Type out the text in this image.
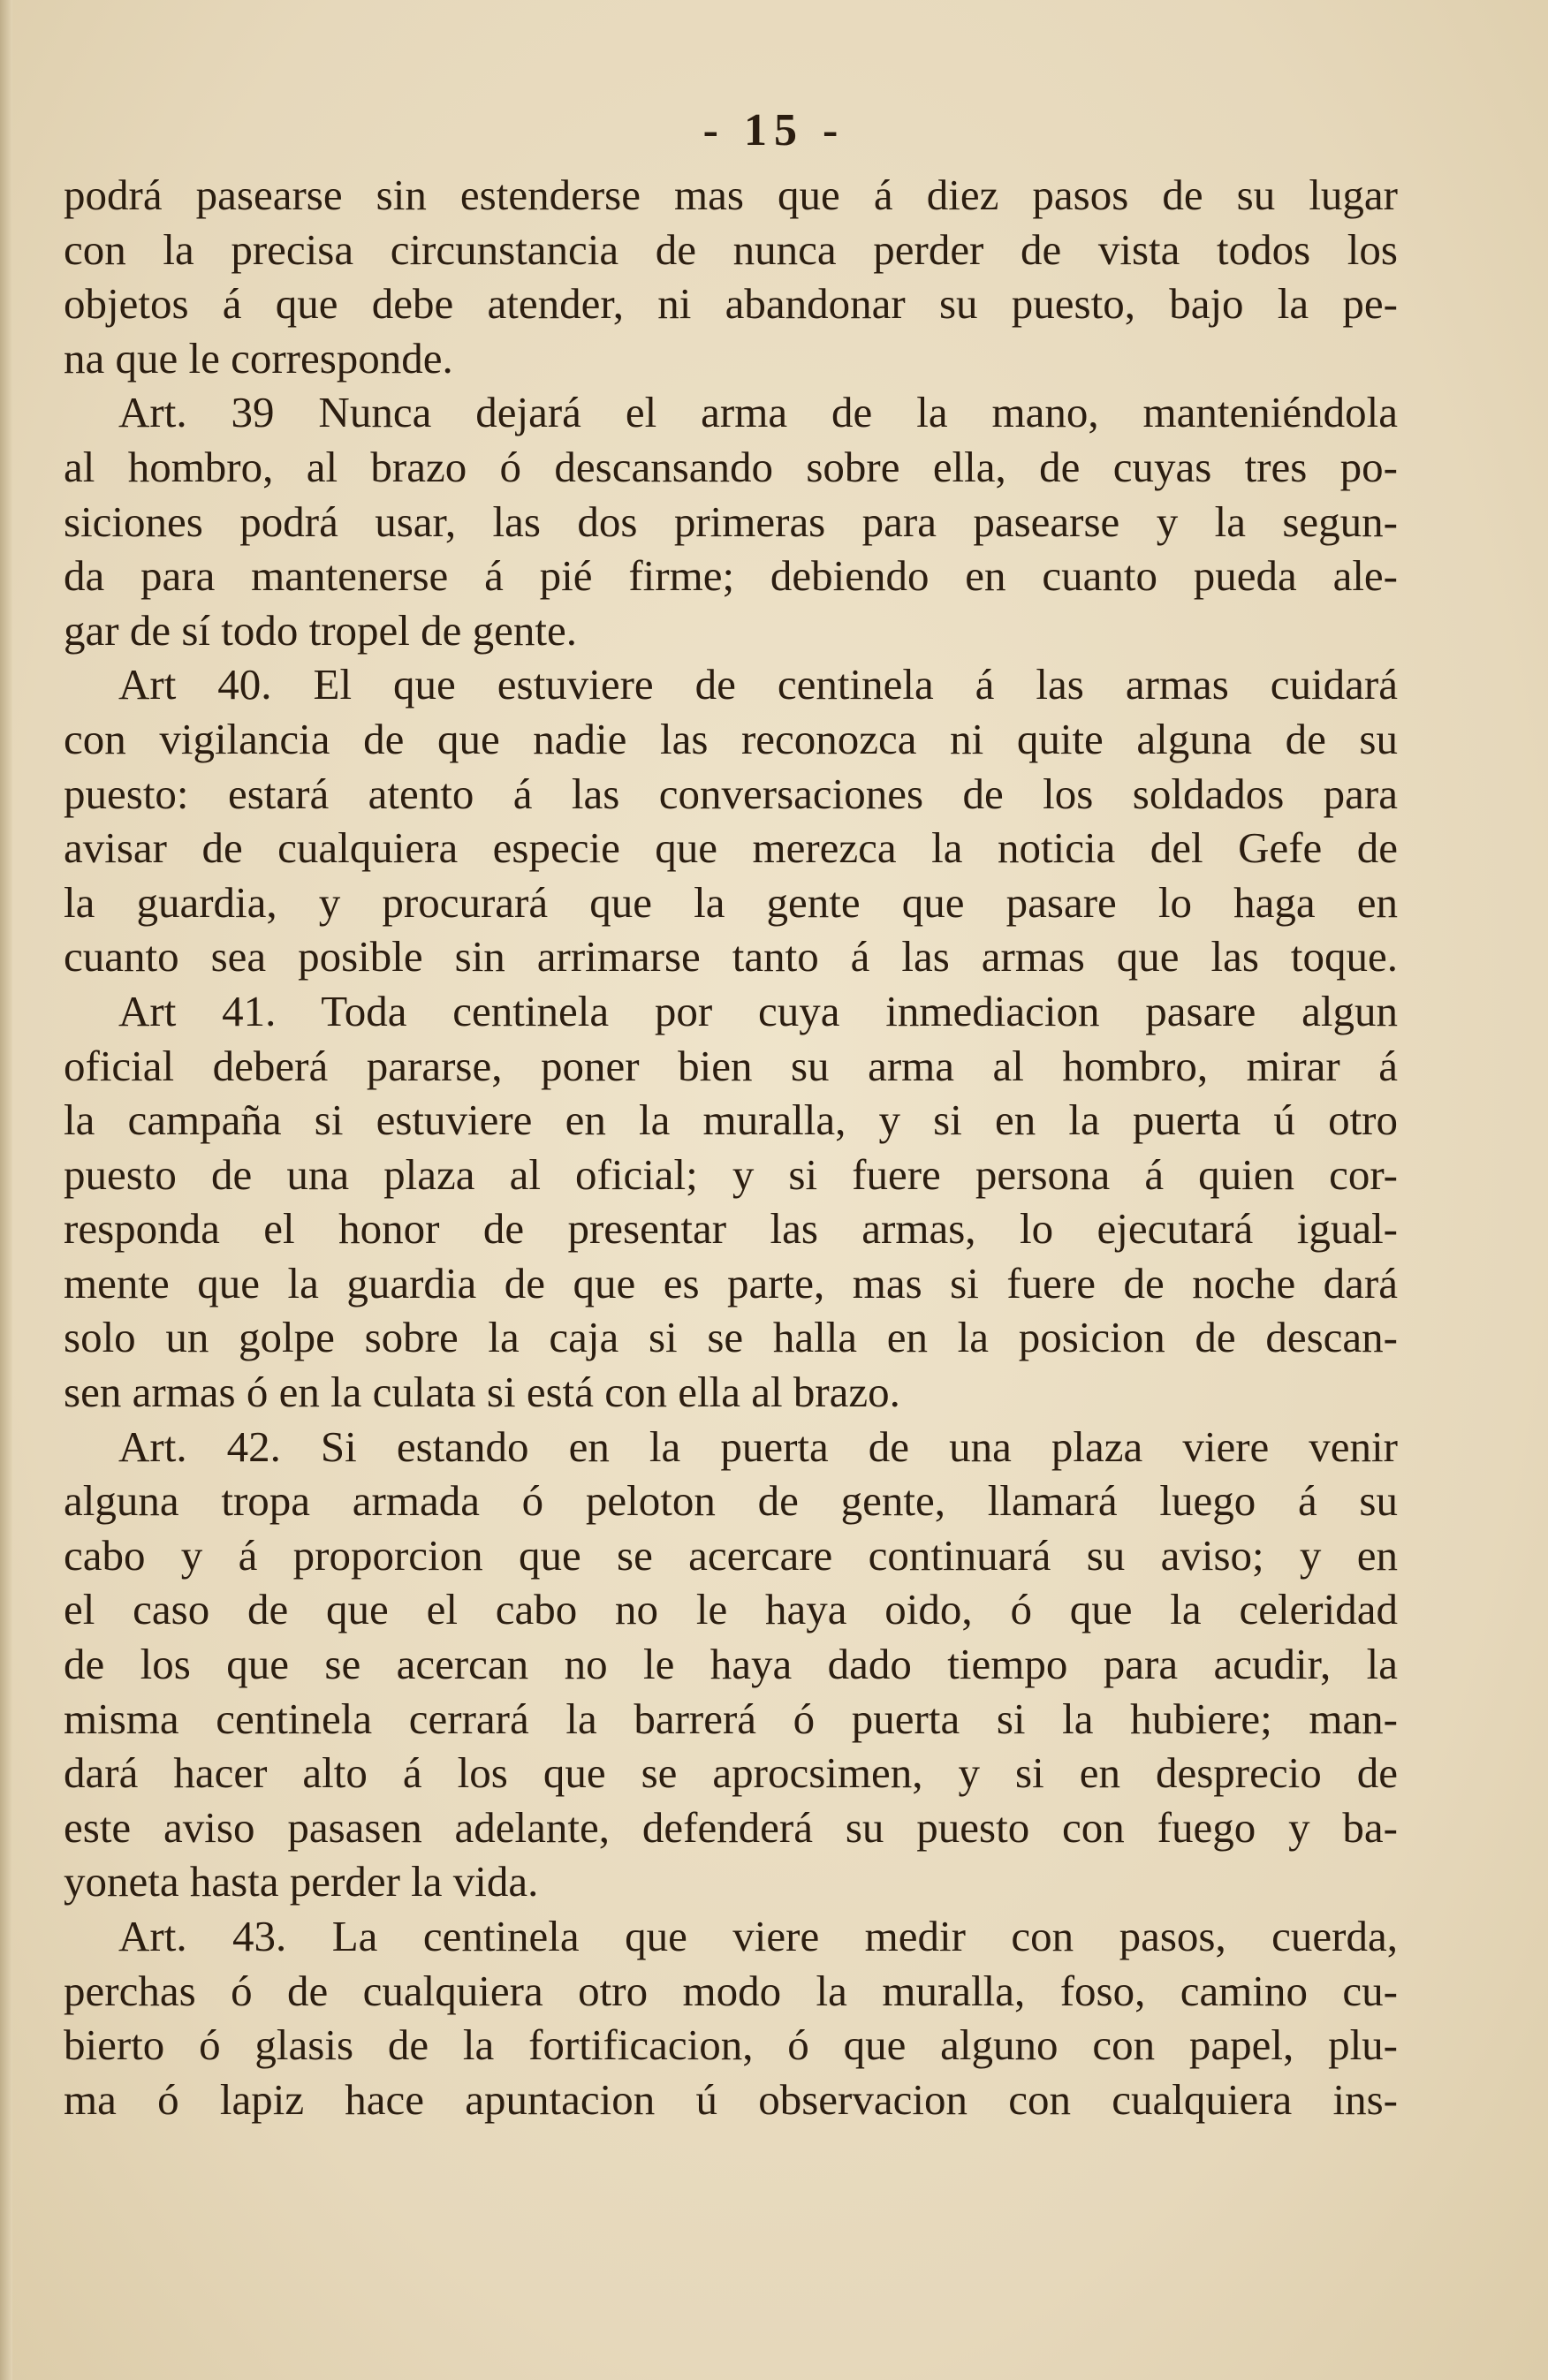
- 15 -
podrá pasearse sin estenderse mas que á diez pasos de su lugar
con la precisa circunstancia de nunca perder de vista todos los
objetos á que debe atender, ni abandonar su puesto, bajo la pe-
na que le corresponde.
Art. 39 Nunca dejará el arma de la mano, manteniéndola
al hombro, al brazo ó descansando sobre ella, de cuyas tres po-
siciones podrá usar, las dos primeras para pasearse y la segun-
da para mantenerse á pié firme; debiendo en cuanto pueda ale-
gar de sí todo tropel de gente.
Art 40. El que estuviere de centinela á las armas cuidará
con vigilancia de que nadie las reconozca ni quite alguna de su
puesto: estará atento á las conversaciones de los soldados para
avisar de cualquiera especie que merezca la noticia del Gefe de
la guardia, y procurará que la gente que pasare lo haga en
cuanto sea posible sin arrimarse tanto á las armas que las toque.
Art 41. Toda centinela por cuya inmediacion pasare algun
oficial deberá pararse, poner bien su arma al hombro, mirar á
la campaña si estuviere en la muralla, y si en la puerta ú otro
puesto de una plaza al oficial; y si fuere persona á quien cor-
responda el honor de presentar las armas, lo ejecutará igual-
mente que la guardia de que es parte, mas si fuere de noche dará
solo un golpe sobre la caja si se halla en la posicion de descan-
sen armas ó en la culata si está con ella al brazo.
Art. 42. Si estando en la puerta de una plaza viere venir
alguna tropa armada ó peloton de gente, llamará luego á su
cabo y á proporcion que se acercare continuará su aviso; y en
el caso de que el cabo no le haya oido, ó que la celeridad
de los que se acercan no le haya dado tiempo para acudir, la
misma centinela cerrará la barrerá ó puerta si la hubiere; man-
dará hacer alto á los que se aprocsimen, y si en desprecio de
este aviso pasasen adelante, defenderá su puesto con fuego y ba-
yoneta hasta perder la vida.
Art. 43. La centinela que viere medir con pasos, cuerda,
perchas ó de cualquiera otro modo la muralla, foso, camino cu-
bierto ó glasis de la fortificacion, ó que alguno con papel, plu-
ma ó lapiz hace apuntacion ú observacion con cualquiera ins-
